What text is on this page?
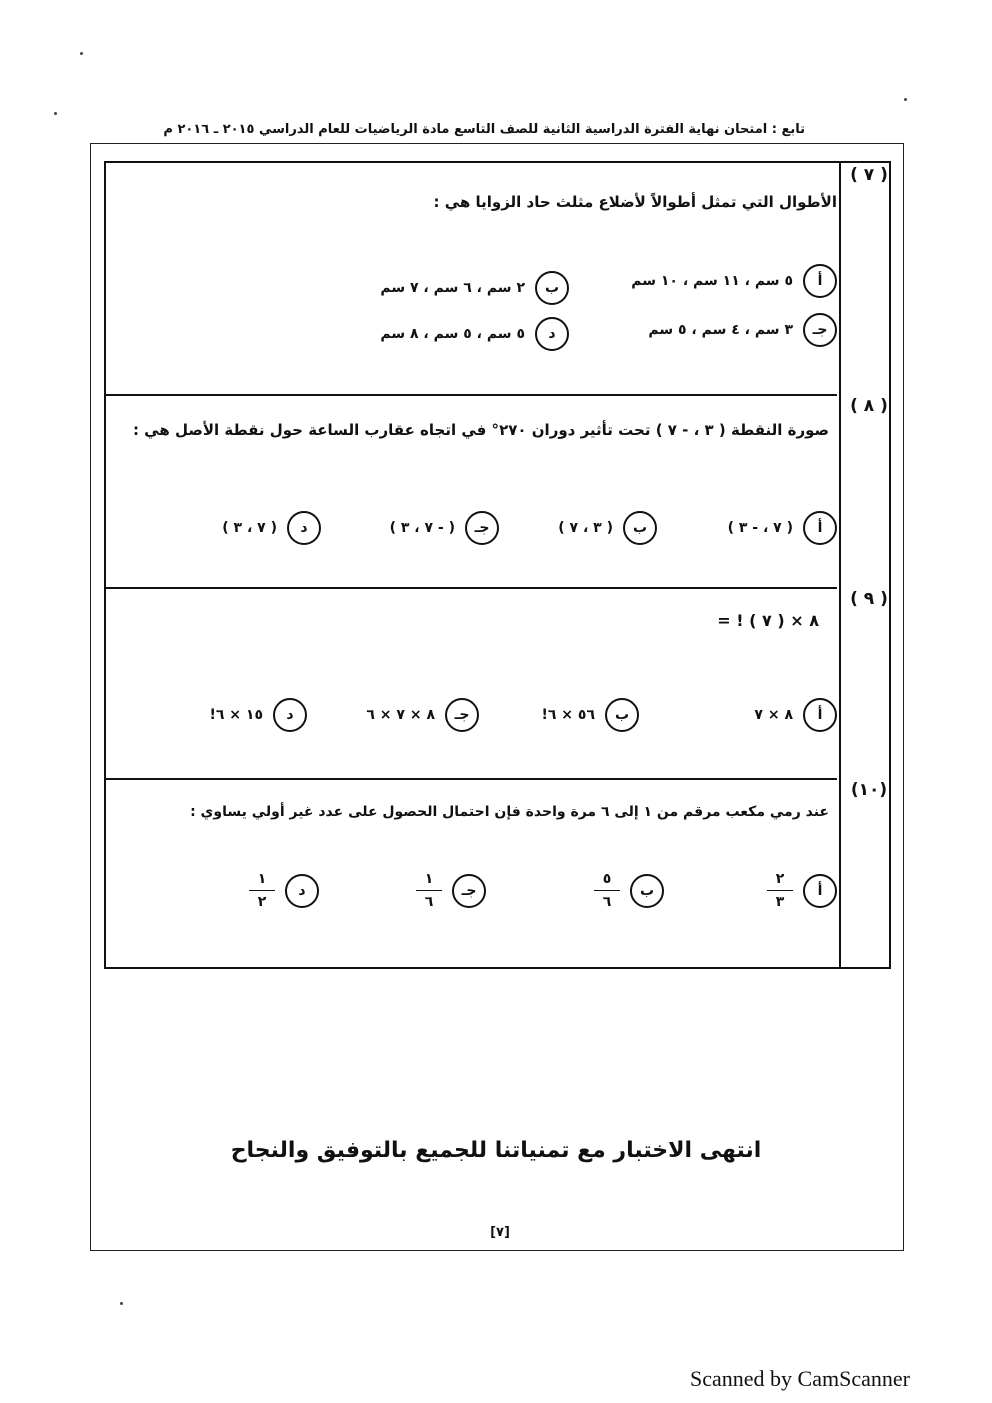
تابع : امتحان نهاية الفترة الدراسية الثانية للصف التاسع مادة الرياضيات للعام الدراسي ٢٠١٥ ـ ٢٠١٦ م
( ٧ )
الأطوال التي تمثل أطوالاً لأضلاع مثلث حاد الزوايا هي :
أ
٥ سم ، ١١ سم ، ١٠ سم
ب
٢ سم ، ٦ سم ، ٧ سم
جـ
٣ سم ، ٤ سم ، ٥ سم
د
٥ سم ، ٥ سم ، ٨ سم
( ٨ )
صورة النقطة ( ٣ ، - ٧ ) تحت تأثير دوران ٢٧٠° في اتجاه عقارب الساعة حول نقطة الأصل هي :
أ
( ٧ ، - ٣ )
ب
( ٣ ، ٧ )
جـ
( - ٧ ، ٣ )
د
( ٧ ، ٣ )
( ٩ )
٨ × ( ٧ ) ! =
أ
٨ × ٧
ب
٥٦ × ٦!
جـ
٨ × ٧ × ٦
د
١٥ × ٦!
(١٠)
عند رمي مكعب مرقم من ١ إلى ٦ مرة واحدة فإن احتمال الحصول على عدد غير أولي يساوي :
أ
$\frac{٢}{٣}$
ب
$\frac{٥}{٦}$
جـ
$\frac{١}{٦}$
د
$\frac{١}{٢}$
انتهى الاختبار مع تمنياتنا للجميع بالتوفيق والنجاح
[٧]
Scanned by CamScanner
